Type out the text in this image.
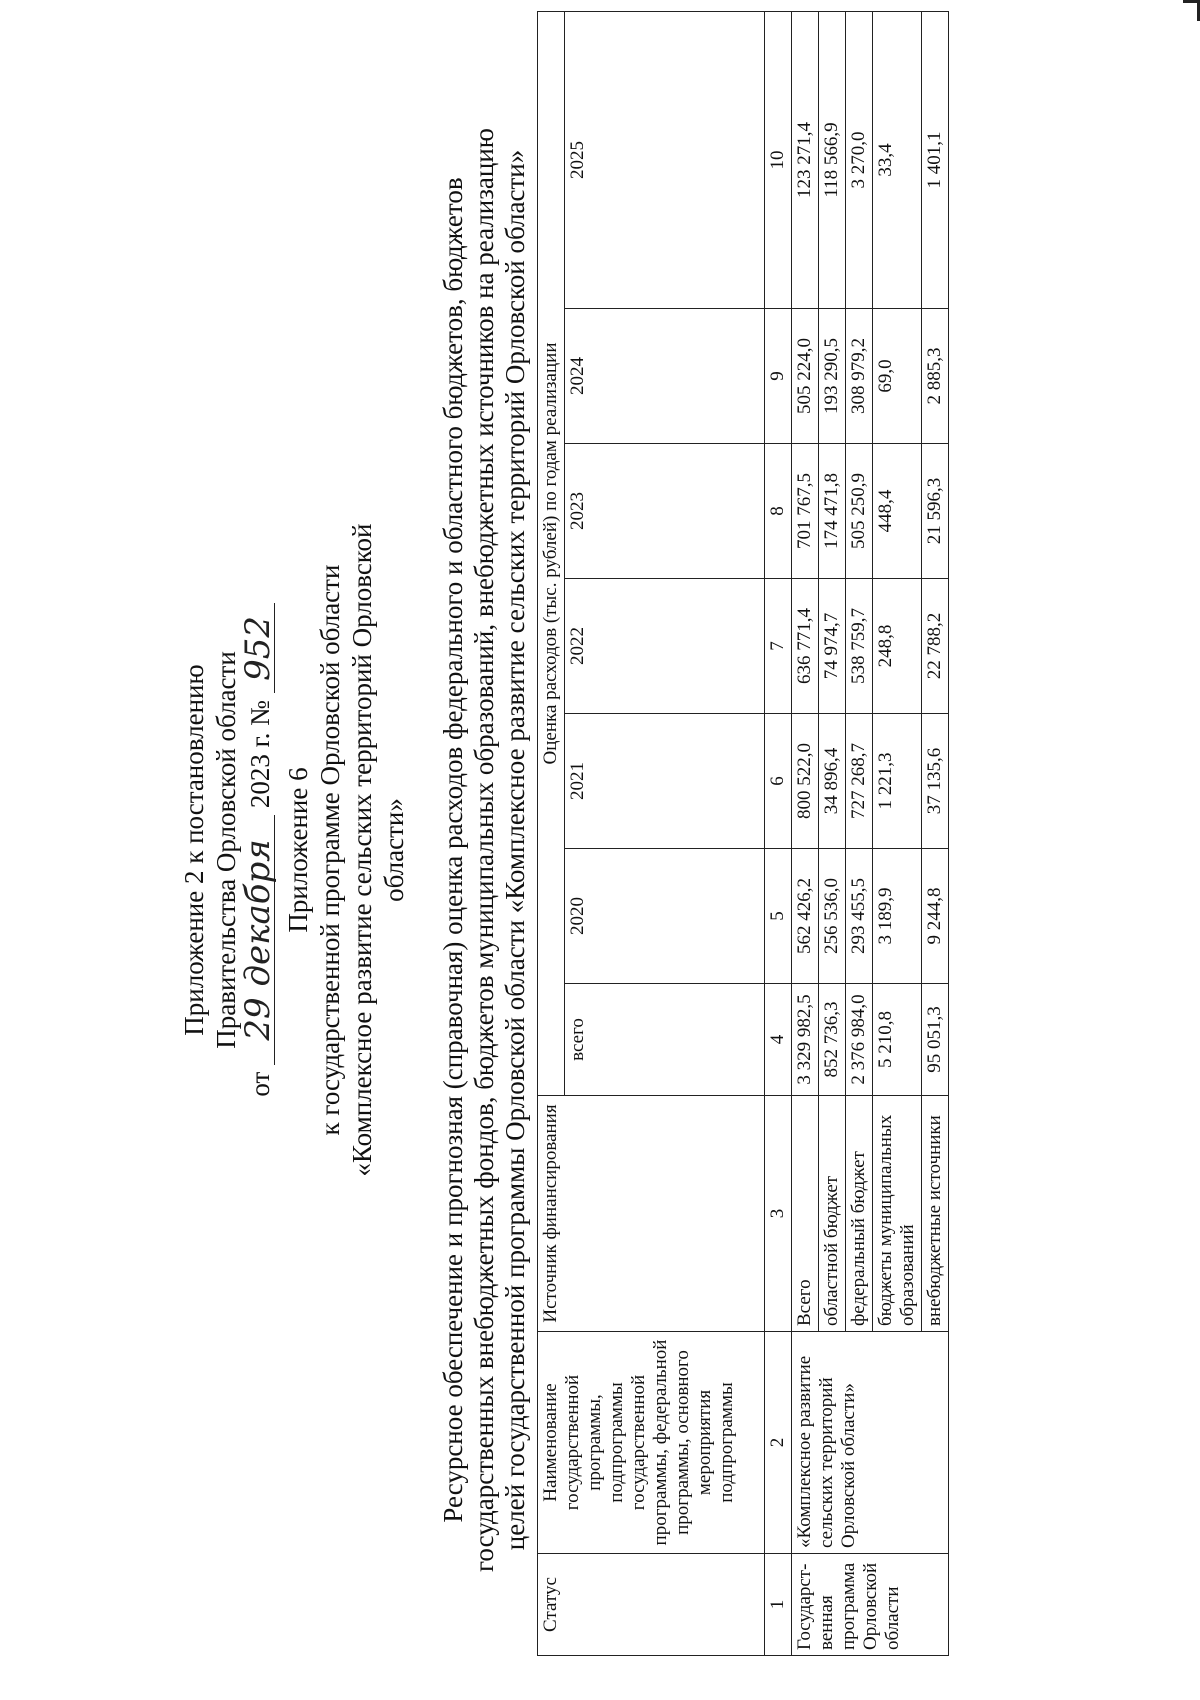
Приложение 2 к постановлению Правительства Орловской области
от 29 декабря 2023 г. № 952
Приложение 6 к государственной программе Орловской области «Комплексное развитие сельских территорий Орловской области» Ресурсное обеспечение и прогнозная (справочная) оценка расходов федерального и областного бюджетов, бюджетов государственных внебюджетных фондов, бюджетов муниципальных образований, внебюджетных источников на реализацию целей государственной программы Орловской области «Комплексное развитие сельских территорий Орловской области»
Статус	Наименование государственной программы, подпрограммы государственной программы, федеральной программы, основного мероприятия подпрограммы	Источник финансирования	Оценка расходов (тыс. рублей) по годам реализации						
			всего	2020	2021	2022	2023	2024	2025
1	2	3	4	5	6	7	8	9	10
Государст-венная программа Орловской области	«Комплексное развитие сельских территорий Орловской области»	Всего	3 329 982,5	562 426,2	800 522,0	636 771,4	701 767,5	505 224,0	123 271,4
		областной бюджет	852 736,3	256 536,0	34 896,4	74 974,7	174 471,8	193 290,5	118 566,9
		федеральный бюджет	2 376 984,0	293 455,5	727 268,7	538 759,7	505 250,9	308 979,2	3 270,0
		бюджеты муниципальных образований	5 210,8	3 189,9	1 221,3	248,8	448,4	69,0	33,4
		внебюджетные источники	95 051,3	9 244,8	37 135,6	22 788,2	21 596,3	2 885,3	1 401,1
